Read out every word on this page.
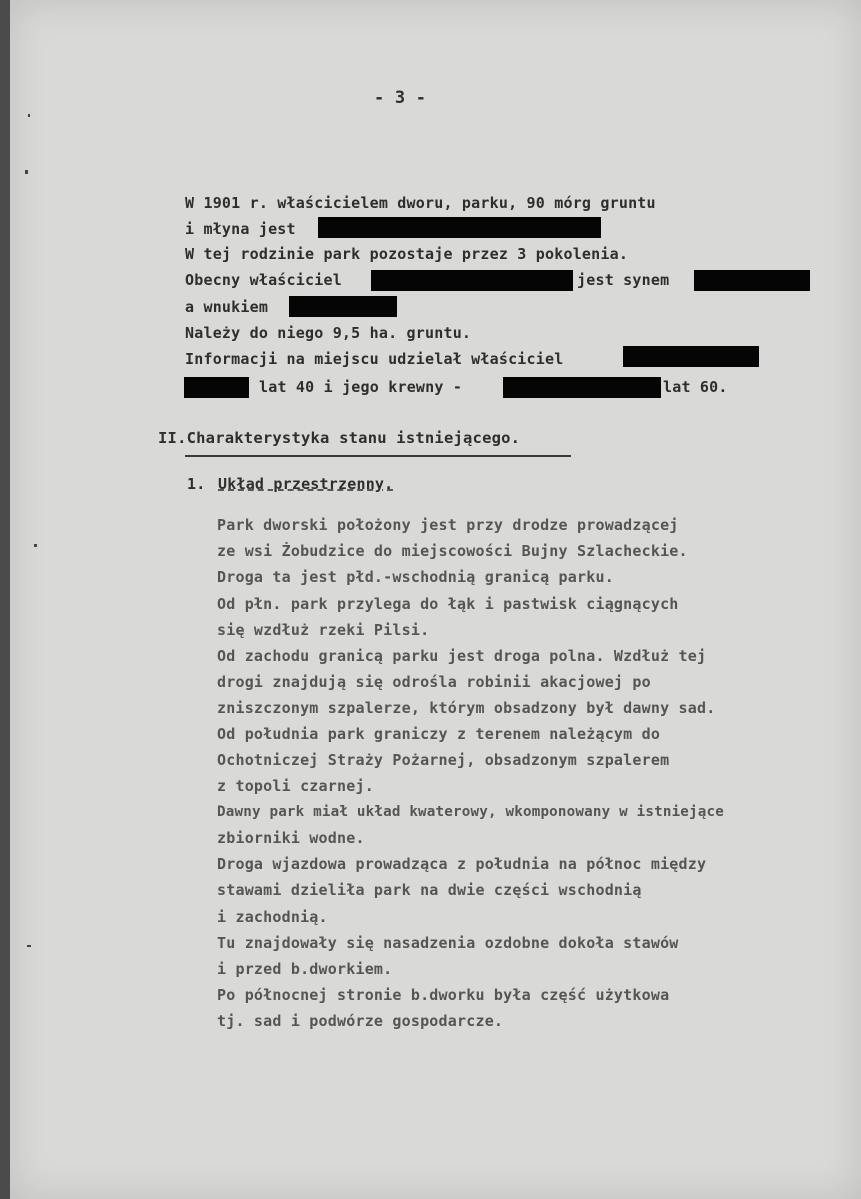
- 3 -
W 1901 r. właścicielem dworu, parku, 90 mórg gruntu
i młyna jest
W tej rodzinie park pozostaje przez 3 pokolenia.
Obecny właściciel	jest synem
a wnukiem
Należy do niego 9,5 ha. gruntu.
Informacji na miejscu udzielał właściciel
lat 40 i jego krewny -	lat 60.
II.Charakterystyka stanu istniejącego.
1. Układ przestrzenny.
Park dworski położony jest przy drodze prowadzącej
ze wsi Żobudzice do miejscowości Bujny Szlacheckie.
Droga ta jest płd.-wschodnią granicą parku.
Od płn. park przylega do łąk i pastwisk ciągnących
się wzdłuż rzeki Pilsi.
Od zachodu granicą parku jest droga polna. Wzdłuż tej
drogi znajdują się odrośla robinii akacjowej po
zniszczonym szpalerze, którym obsadzony był dawny sad.
Od południa park graniczy z terenem należącym do
Ochotniczej Straży Pożarnej, obsadzonym szpalerem
z topoli czarnej.
Dawny park miał układ kwaterowy, wkomponowany w istniejące
zbiorniki wodne.
Droga wjazdowa prowadząca z południa na północ między
stawami dzieliła park na dwie części wschodnią
i zachodnią.
Tu znajdowały się nasadzenia ozdobne dokoła stawów
i przed b.dworkiem.
Po północnej stronie b.dworku była część użytkowa
tj. sad i podwórze gospodarcze.
